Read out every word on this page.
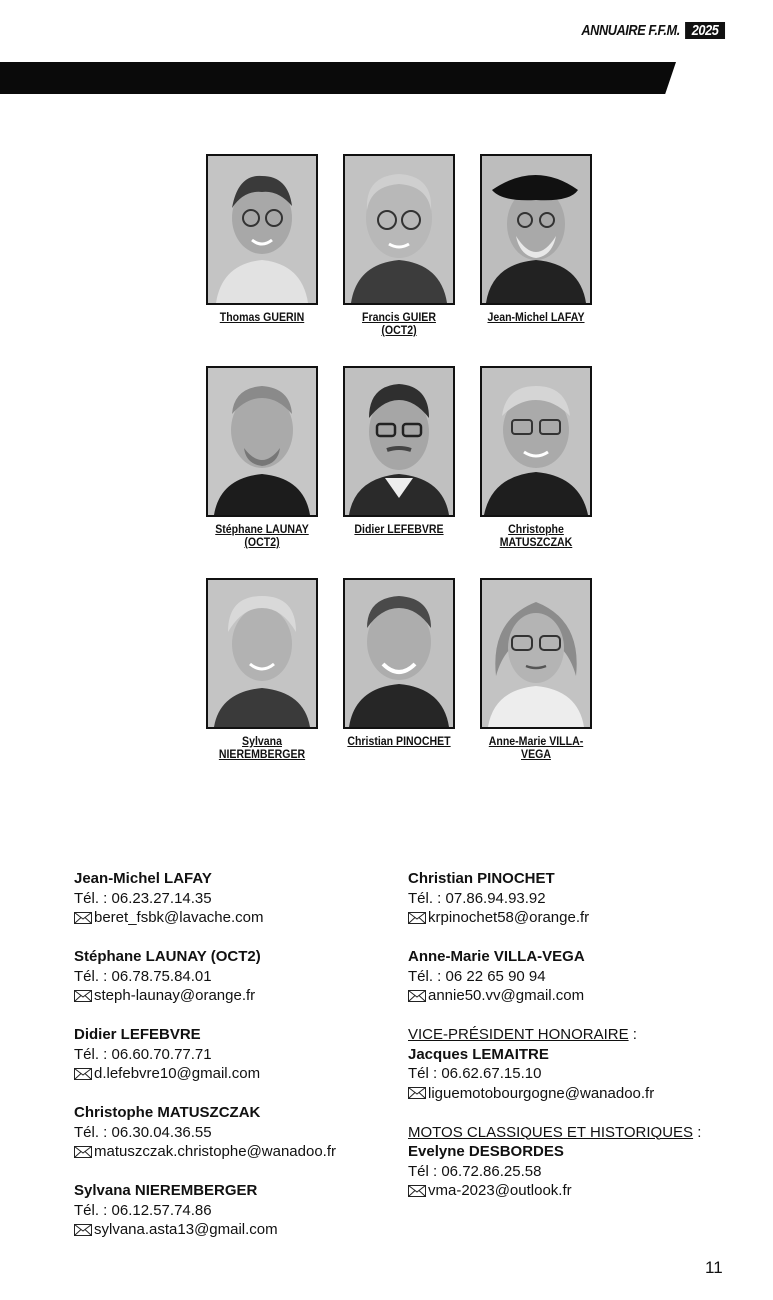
ANNUAIRE F.F.M. 2025
Thomas GUERIN	Francis GUIER (OCT2)
Jean-Michel LAFAY
Stéphane LAUNAY (OCT2)
Didier LEFEBVRE	Christophe MATUSZCZAK
Sylvana NIEREMBERGER
Christian PINOCHET	Anne-Marie VILLA-VEGA
Jean-Michel LAFAY
Tél. : 06.23.27.14.35
beret_fsbk@lavache.com
Stéphane LAUNAY (OCT2)
Tél. : 06.78.75.84.01
steph-launay@orange.fr
Didier LEFEBVRE
Tél. : 06.60.70.77.71
d.lefebvre10@gmail.com
Christophe MATUSZCZAK
Tél. : 06.30.04.36.55
matuszczak.christophe@wanadoo.fr
Sylvana NIEREMBERGER
Tél. : 06.12.57.74.86
sylvana.asta13@gmail.com
Christian PINOCHET
Tél. : 07.86.94.93.92
krpinochet58@orange.fr
Anne-Marie VILLA-VEGA
Tél. : 06 22 65 90 94
annie50.vv@gmail.com
VICE-PRÉSIDENT HONORAIRE :
Jacques LEMAITRE
Tél : 06.62.67.15.10
liguemotobourgogne@wanadoo.fr
MOTOS CLASSIQUES ET HISTORIQUES :
Evelyne DESBORDES
Tél : 06.72.86.25.58
vma-2023@outlook.fr
11
